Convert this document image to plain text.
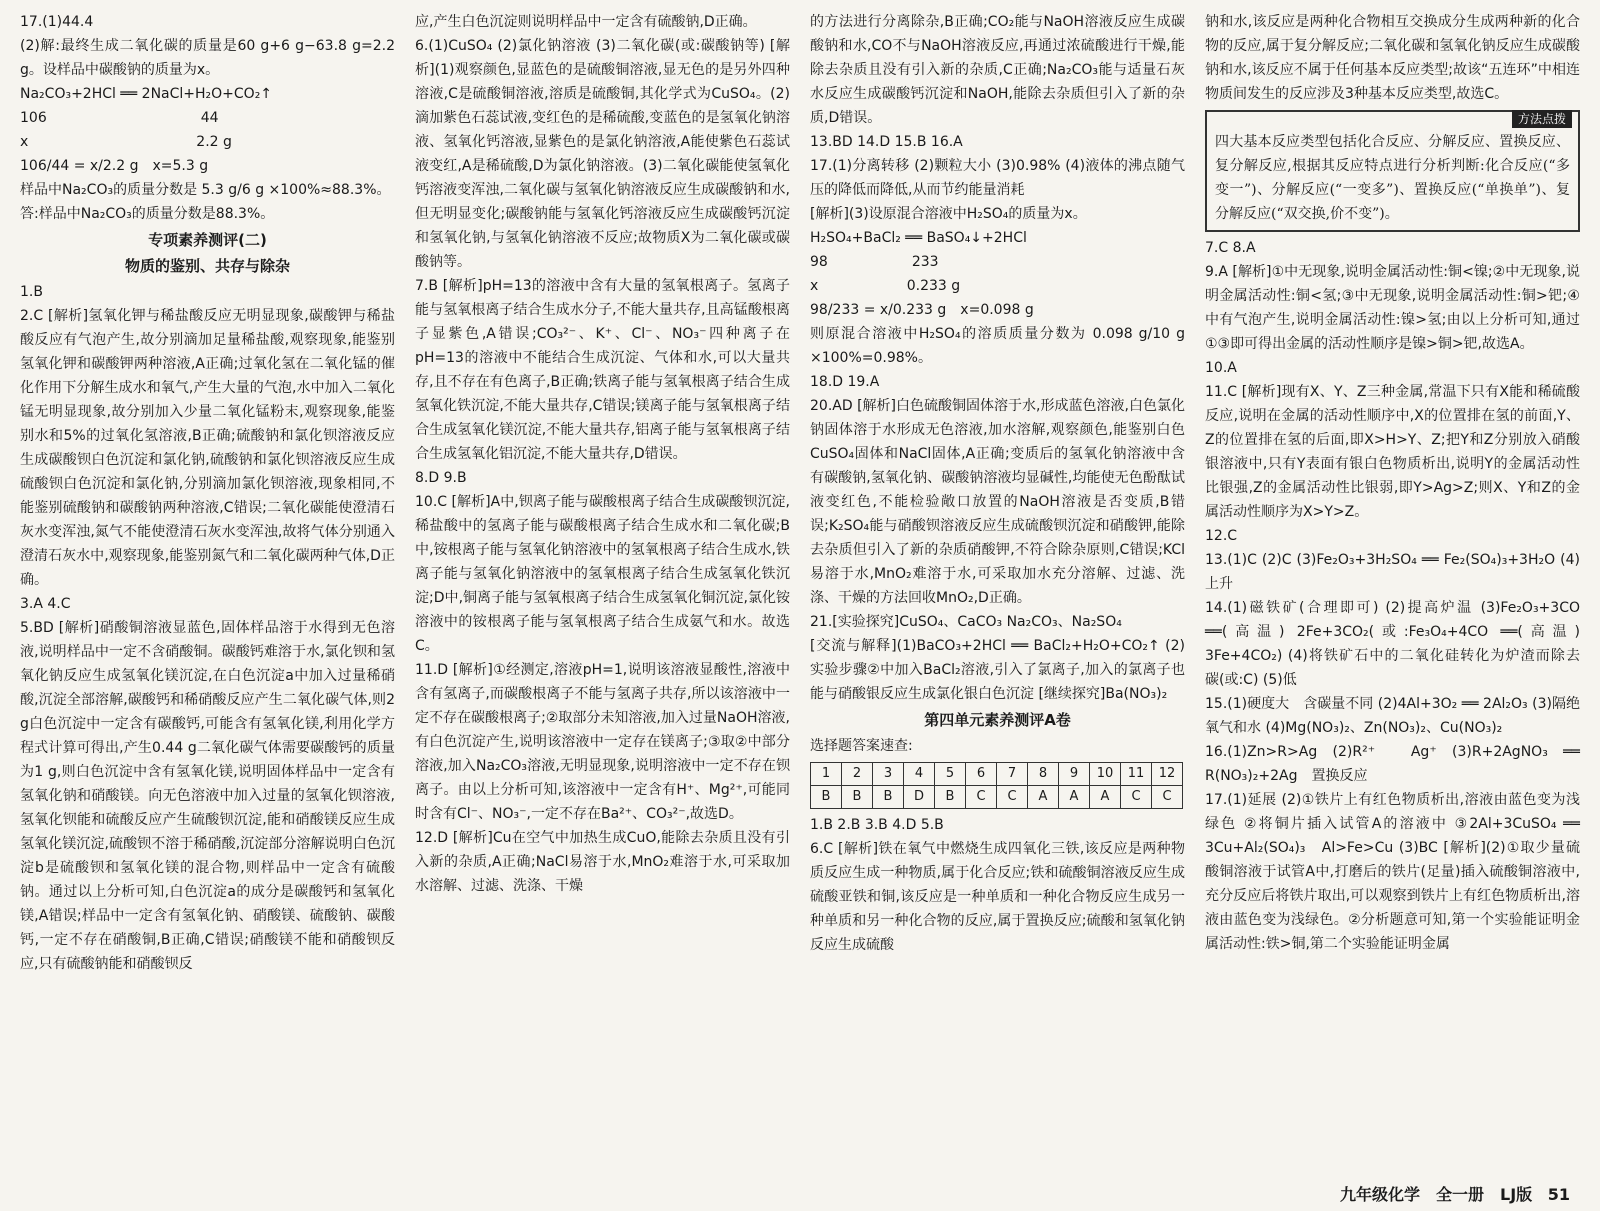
17.(1)44.4

(2)解:最终生成二氧化碳的质量是60 g+6 g−63.8 g=2.2 g。设样品中碳酸钠的质量为x。

Na₂CO₃+2HCl ══ 2NaCl+H₂O+CO₂↑

106　　　　　　　　　　　44

x　　　　　　　　　　　　2.2 g

106/44 = x/2.2 g　x=5.3 g

样品中Na₂CO₃的质量分数是 5.3 g/6 g ×100%≈88.3%。

答:样品中Na₂CO₃的质量分数是88.3%。

专项素养测评(二)

物质的鉴别、共存与除杂

1.B

2.C [解析]氢氧化钾与稀盐酸反应无明显现象,碳酸钾与稀盐酸反应有气泡产生,故分别滴加足量稀盐酸,观察现象,能鉴别氢氧化钾和碳酸钾两种溶液,A正确;过氧化氢在二氧化锰的催化作用下分解生成水和氧气,产生大量的气泡,水中加入二氧化锰无明显现象,故分别加入少量二氧化锰粉末,观察现象,能鉴别水和5%的过氧化氢溶液,B正确;硫酸钠和氯化钡溶液反应生成碳酸钡白色沉淀和氯化钠,硫酸钠和氯化钡溶液反应生成硫酸钡白色沉淀和氯化钠,分别滴加氯化钡溶液,现象相同,不能鉴别硫酸钠和碳酸钠两种溶液,C错误;二氧化碳能使澄清石灰水变浑浊,氮气不能使澄清石灰水变浑浊,故将气体分别通入澄清石灰水中,观察现象,能鉴别氮气和二氧化碳两种气体,D正确。

3.A 4.C

5.BD [解析]硝酸铜溶液显蓝色,固体样品溶于水得到无色溶液,说明样品中一定不含硝酸铜。碳酸钙难溶于水,氯化钡和氢氧化钠反应生成氢氧化镁沉淀,在白色沉淀a中加入过量稀硝酸,沉淀全部溶解,碳酸钙和稀硝酸反应产生二氧化碳气体,则2 g白色沉淀中一定含有碳酸钙,可能含有氢氧化镁,利用化学方程式计算可得出,产生0.44 g二氧化碳气体需要碳酸钙的质量为1 g,则白色沉淀中含有氢氧化镁,说明固体样品中一定含有氢氧化钠和硝酸镁。向无色溶液中加入过量的氢氧化钡溶液,氢氧化钡能和硫酸反应产生硫酸钡沉淀,能和硝酸镁反应生成氢氧化镁沉淀,硫酸钡不溶于稀硝酸,沉淀部分溶解说明白色沉淀b是硫酸钡和氢氧化镁的混合物,则样品中一定含有硫酸钠。通过以上分析可知,白色沉淀a的成分是碳酸钙和氢氧化镁,A错误;样品中一定含有氢氧化钠、硝酸镁、硫酸钠、碳酸钙,一定不存在硝酸铜,B正确,C错误;硝酸镁不能和硝酸钡反应,只有硫酸钠能和硝酸钡反

应,产生白色沉淀则说明样品中一定含有硫酸钠,D正确。

6.(1)CuSO₄ (2)氯化钠溶液 (3)二氧化碳(或:碳酸钠等) [解析](1)观察颜色,显蓝色的是硫酸铜溶液,显无色的是另外四种溶液,C是硫酸铜溶液,溶质是硫酸铜,其化学式为CuSO₄。(2)滴加紫色石蕊试液,变红色的是稀硫酸,变蓝色的是氢氧化钠溶液、氢氧化钙溶液,显紫色的是氯化钠溶液,A能使紫色石蕊试液变红,A是稀硫酸,D为氯化钠溶液。(3)二氧化碳能使氢氧化钙溶液变浑浊,二氧化碳与氢氧化钠溶液反应生成碳酸钠和水,但无明显变化;碳酸钠能与氢氧化钙溶液反应生成碳酸钙沉淀和氢氧化钠,与氢氧化钠溶液不反应;故物质X为二氧化碳或碳酸钠等。

7.B [解析]pH=13的溶液中含有大量的氢氧根离子。氢离子能与氢氧根离子结合生成水分子,不能大量共存,且高锰酸根离子显紫色,A错误;CO₃²⁻、K⁺、Cl⁻、NO₃⁻四种离子在pH=13的溶液中不能结合生成沉淀、气体和水,可以大量共存,且不存在有色离子,B正确;铁离子能与氢氧根离子结合生成氢氧化铁沉淀,不能大量共存,C错误;镁离子能与氢氧根离子结合生成氢氧化镁沉淀,不能大量共存,铝离子能与氢氧根离子结合生成氢氧化铝沉淀,不能大量共存,D错误。

8.D 9.B

10.C [解析]A中,钡离子能与碳酸根离子结合生成碳酸钡沉淀,稀盐酸中的氢离子能与碳酸根离子结合生成水和二氧化碳;B中,铵根离子能与氢氧化钠溶液中的氢氧根离子结合生成水,铁离子能与氢氧化钠溶液中的氢氧根离子结合生成氢氧化铁沉淀;D中,铜离子能与氢氧根离子结合生成氢氧化铜沉淀,氯化铵溶液中的铵根离子能与氢氧根离子结合生成氨气和水。故选C。

11.D [解析]①经测定,溶液pH=1,说明该溶液显酸性,溶液中含有氢离子,而碳酸根离子不能与氢离子共存,所以该溶液中一定不存在碳酸根离子;②取部分未知溶液,加入过量NaOH溶液,有白色沉淀产生,说明该溶液中一定存在镁离子;③取②中部分溶液,加入Na₂CO₃溶液,无明显现象,说明溶液中一定不存在钡离子。由以上分析可知,该溶液中一定含有H⁺、Mg²⁺,可能同时含有Cl⁻、NO₃⁻,一定不存在Ba²⁺、CO₃²⁻,故选D。

12.D [解析]Cu在空气中加热生成CuO,能除去杂质且没有引入新的杂质,A正确;NaCl易溶于水,MnO₂难溶于水,可采取加水溶解、过滤、洗涤、干燥

的方法进行分离除杂,B正确;CO₂能与NaOH溶液反应生成碳酸钠和水,CO不与NaOH溶液反应,再通过浓硫酸进行干燥,能除去杂质且没有引入新的杂质,C正确;Na₂CO₃能与适量石灰水反应生成碳酸钙沉淀和NaOH,能除去杂质但引入了新的杂质,D错误。

13.BD 14.D 15.B 16.A

17.(1)分离转移 (2)颗粒大小 (3)0.98% (4)液体的沸点随气压的降低而降低,从而节约能量消耗

[解析](3)设原混合溶液中H₂SO₄的质量为x。

H₂SO₄+BaCl₂ ══ BaSO₄↓+2HCl

98　　　　　　233

x　　　　　　 0.233 g

98/233 = x/0.233 g　x=0.098 g

则原混合溶液中H₂SO₄的溶质质量分数为 0.098 g/10 g ×100%=0.98%。

18.D 19.A

20.AD [解析]白色硫酸铜固体溶于水,形成蓝色溶液,白色氯化钠固体溶于水形成无色溶液,加水溶解,观察颜色,能鉴别白色CuSO₄固体和NaCl固体,A正确;变质后的氢氧化钠溶液中含有碳酸钠,氢氧化钠、碳酸钠溶液均显碱性,均能使无色酚酞试液变红色,不能检验敞口放置的NaOH溶液是否变质,B错误;K₂SO₄能与硝酸钡溶液反应生成硫酸钡沉淀和硝酸钾,能除去杂质但引入了新的杂质硝酸钾,不符合除杂原则,C错误;KCl易溶于水,MnO₂难溶于水,可采取加水充分溶解、过滤、洗涤、干燥的方法回收MnO₂,D正确。

21.[实验探究]CuSO₄、CaCO₃ Na₂CO₃、Na₂SO₄

[交流与解释](1)BaCO₃+2HCl ══ BaCl₂+H₂O+CO₂↑ (2)实验步骤②中加入BaCl₂溶液,引入了氯离子,加入的氯离子也能与硝酸银反应生成氯化银白色沉淀 [继续探究]Ba(NO₃)₂

第四单元素养测评A卷

选择题答案速查:

1	2	3	4	5	6	7	8	9	10	11	12
B	B	B	D	B	C	C	A	A	A	C	C

1.B 2.B 3.B 4.D 5.B

6.C [解析]铁在氧气中燃烧生成四氧化三铁,该反应是两种物质反应生成一种物质,属于化合反应;铁和硫酸铜溶液反应生成硫酸亚铁和铜,该反应是一种单质和一种化合物反应生成另一种单质和另一种化合物的反应,属于置换反应;硫酸和氢氧化钠反应生成硫酸

钠和水,该反应是两种化合物相互交换成分生成两种新的化合物的反应,属于复分解反应;二氧化碳和氢氧化钠反应生成碳酸钠和水,该反应不属于任何基本反应类型;故该“五连环”中相连物质间发生的反应涉及3种基本反应类型,故选C。

方法点拨

四大基本反应类型包括化合反应、分解反应、置换反应、复分解反应,根据其反应特点进行分析判断:化合反应(“多变一”)、分解反应(“一变多”)、置换反应(“单换单”)、复分解反应(“双交换,价不变”)。

7.C 8.A

9.A [解析]①中无现象,说明金属活动性:铜<镍;②中无现象,说明金属活动性:铜<氢;③中无现象,说明金属活动性:铜>钯;④中有气泡产生,说明金属活动性:镍>氢;由以上分析可知,通过①③即可得出金属的活动性顺序是镍>铜>钯,故选A。

10.A

11.C [解析]现有X、Y、Z三种金属,常温下只有X能和稀硫酸反应,说明在金属的活动性顺序中,X的位置排在氢的前面,Y、Z的位置排在氢的后面,即X>H>Y、Z;把Y和Z分别放入硝酸银溶液中,只有Y表面有银白色物质析出,说明Y的金属活动性比银强,Z的金属活动性比银弱,即Y>Ag>Z;则X、Y和Z的金属活动性顺序为X>Y>Z。

12.C

13.(1)C (2)C (3)Fe₂O₃+3H₂SO₄ ══ Fe₂(SO₄)₃+3H₂O (4)上升

14.(1)磁铁矿(合理即可) (2)提高炉温 (3)Fe₂O₃+3CO ══(高温) 2Fe+3CO₂(或:Fe₃O₄+4CO ══(高温) 3Fe+4CO₂) (4)将铁矿石中的二氧化硅转化为炉渣而除去　碳(或:C) (5)低

15.(1)硬度大　含碳量不同 (2)4Al+3O₂ ══ 2Al₂O₃ (3)隔绝氧气和水 (4)Mg(NO₃)₂、Zn(NO₃)₂、Cu(NO₃)₂

16.(1)Zn>R>Ag (2)R²⁺　Ag⁺ (3)R+2AgNO₃ ══ R(NO₃)₂+2Ag　置换反应

17.(1)延展 (2)①铁片上有红色物质析出,溶液由蓝色变为浅绿色 ②将铜片插入试管A的溶液中 ③2Al+3CuSO₄ ══ 3Cu+Al₂(SO₄)₃　Al>Fe>Cu (3)BC [解析](2)①取少量硫酸铜溶液于试管A中,打磨后的铁片(足量)插入硫酸铜溶液中,充分反应后将铁片取出,可以观察到铁片上有红色物质析出,溶液由蓝色变为浅绿色。②分析题意可知,第一个实验能证明金属活动性:铁>铜,第二个实验能证明金属

九年级化学　全一册　LJ版 51
